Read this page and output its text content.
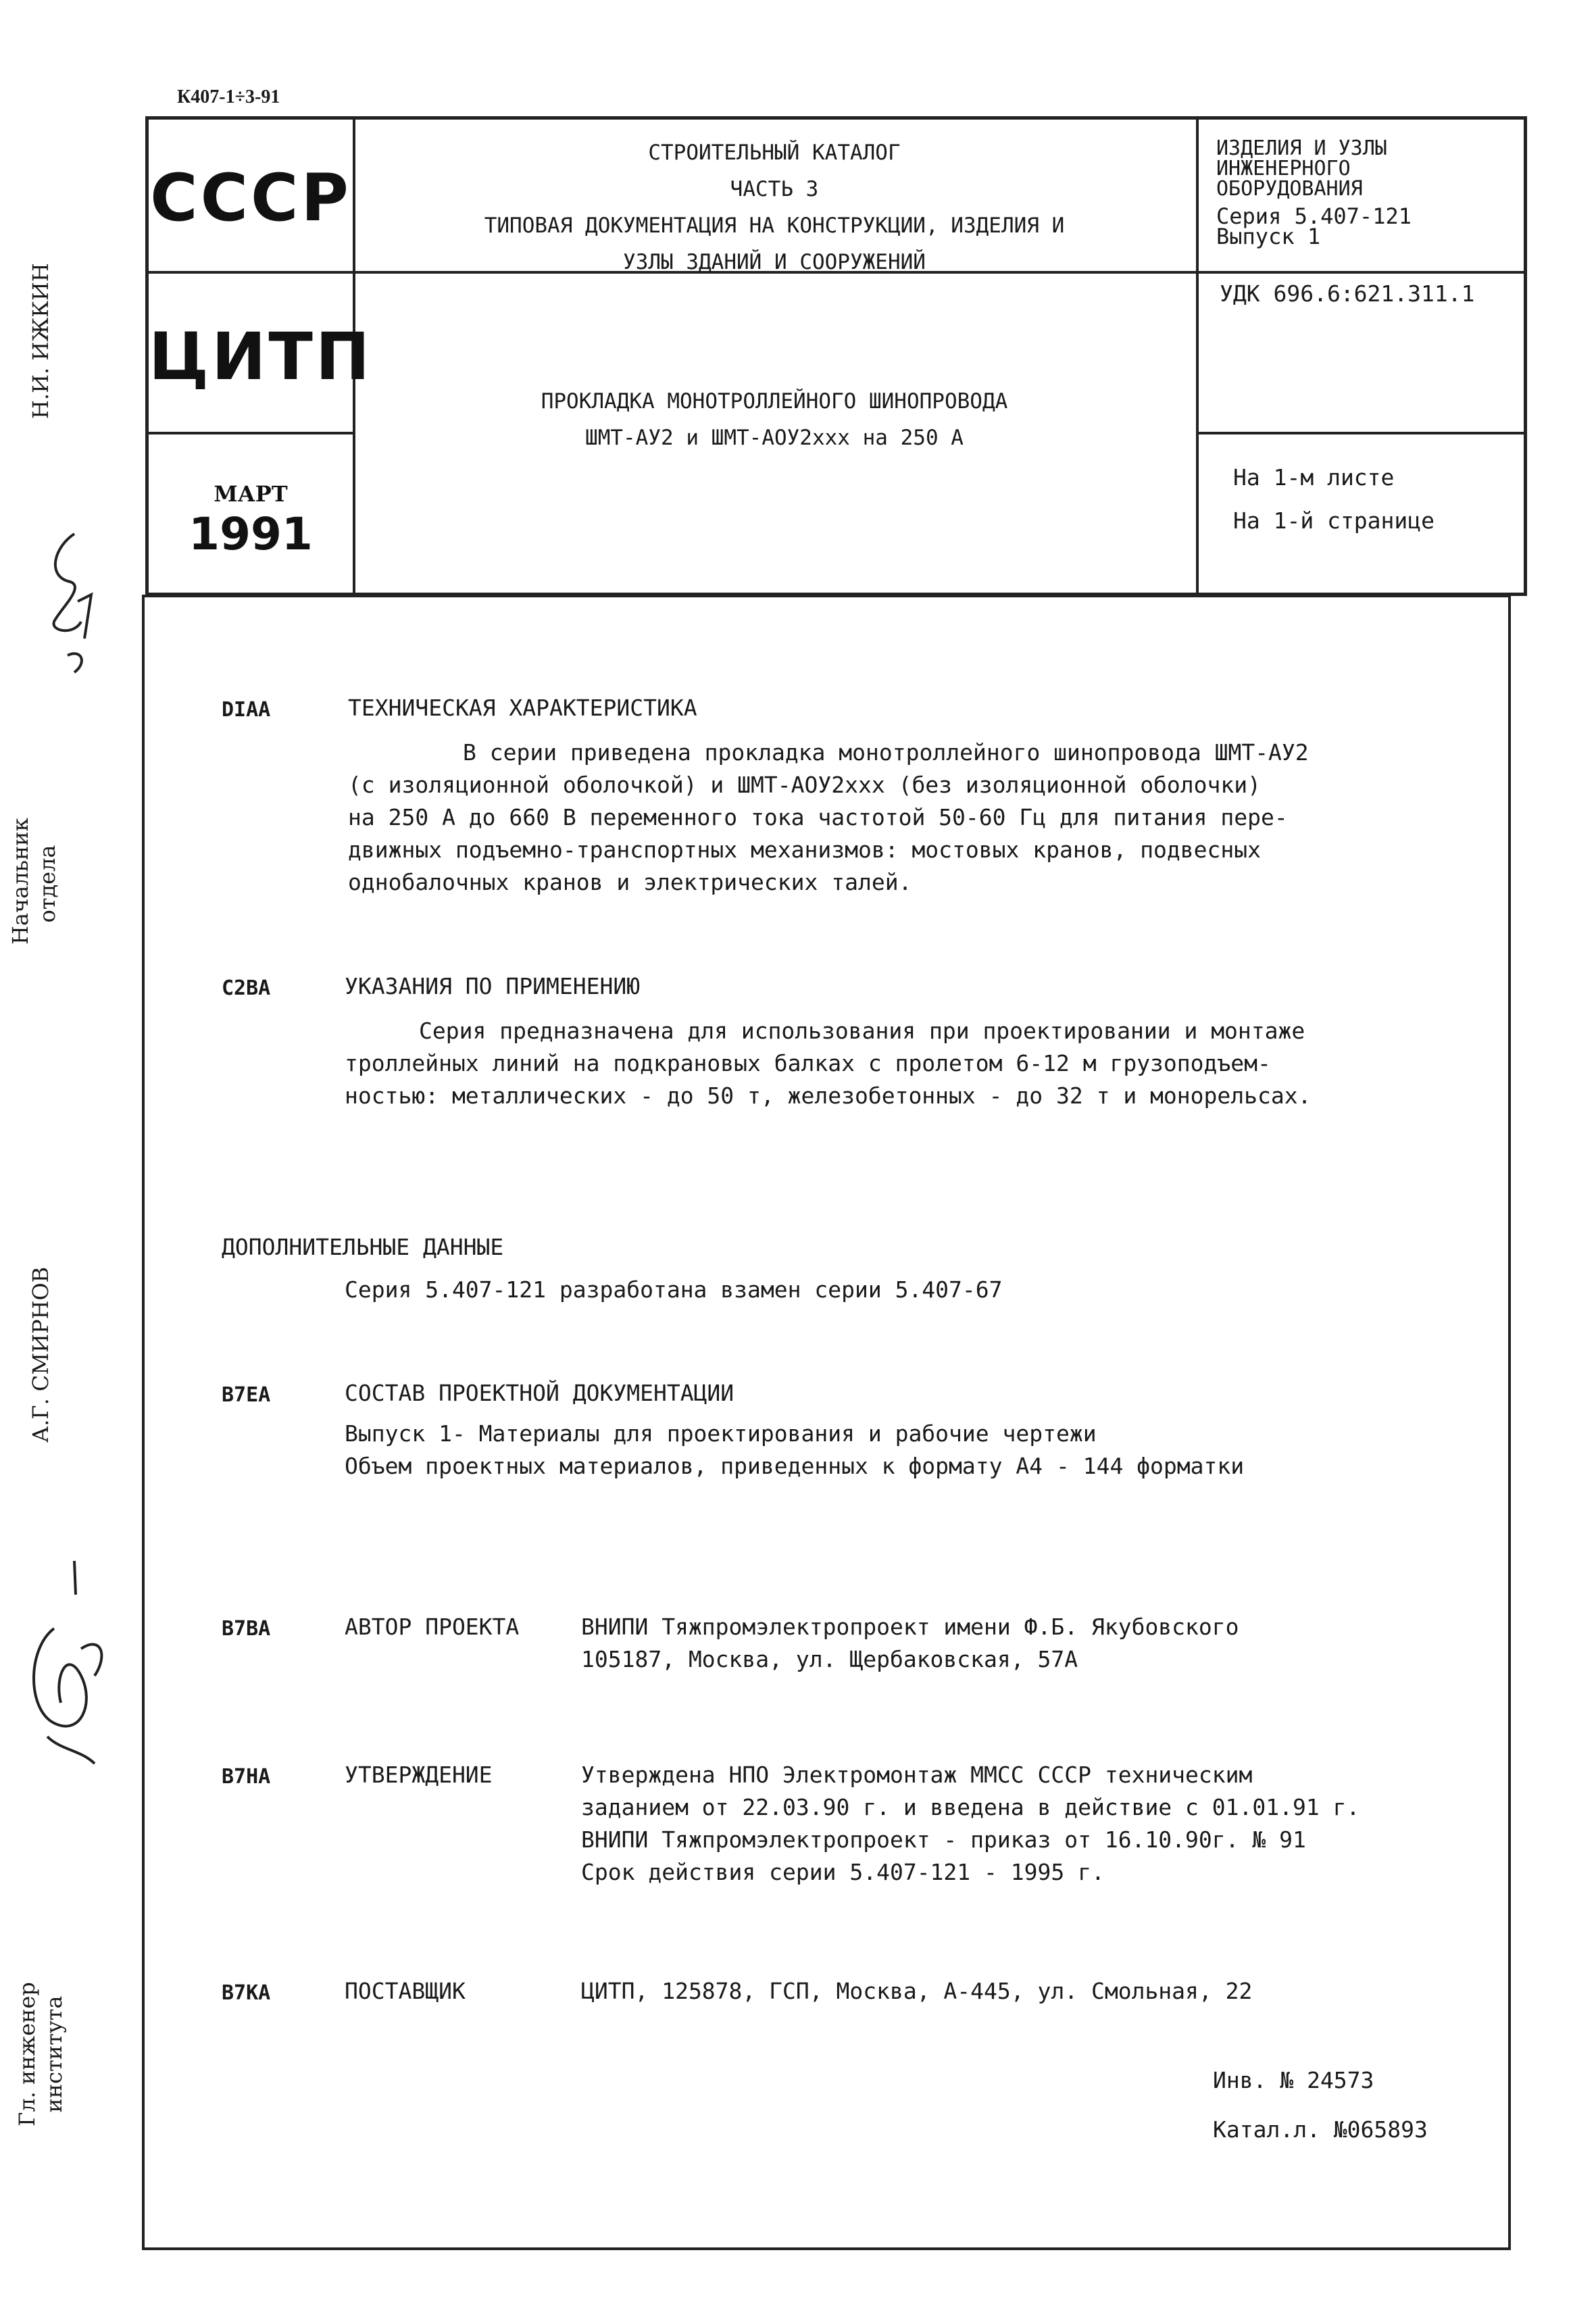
К407-1÷3-91
СССР
ЦИТП
МАРТ
1991
СТРОИТЕЛЬНЫЙ КАТАЛОГ
ЧАСТЬ 3
ТИПОВАЯ ДОКУМЕНТАЦИЯ НА КОНСТРУКЦИИ, ИЗДЕЛИЯ И
УЗЛЫ ЗДАНИЙ И СООРУЖЕНИЙ
ПРОКЛАДКА МОНОТРОЛЛЕЙНОГО ШИНОПРОВОДА
ШМТ-АУ2 и ШМТ-АОУ2ххх на 250 А
ИЗДЕЛИЯ И УЗЛЫ
ИНЖЕНЕРНОГО
ОБОРУДОВАНИЯ
Серия 5.407-121
Выпуск 1
УДК 696.6:621.311.1
На 1-м листе
На 1-й странице
Н.И. ИЖКИН
Начальник отдела
А.Г. СМИРНОВ
Гл. инженер института
DIAA	ТЕХНИЧЕСКАЯ ХАРАКТЕРИСТИКА
В серии приведена прокладка монотроллейного шинопровода ШМТ-АУ2
(с изоляционной оболочкой) и ШМТ-АОУ2ххх (без изоляционной оболочки)
на 250 А до 660 В переменного тока частотой 50-60 Гц для питания пере-
движных подъемно-транспортных механизмов: мостовых кранов, подвесных
однобалочных кранов и электрических талей.
C2BA	УКАЗАНИЯ ПО ПРИМЕНЕНИЮ
Серия предназначена для использования при проектировании и монтаже
троллейных линий на подкрановых балках с пролетом 6-12 м грузоподъем-
ностью: металлических - до 50 т, железобетонных - до 32 т и монорельсах.
ДОПОЛНИТЕЛЬНЫЕ ДАННЫЕ
Серия 5.407-121 разработана взамен серии 5.407-67
B7EA	СОСТАВ ПРОЕКТНОЙ ДОКУМЕНТАЦИИ
Выпуск 1- Материалы для проектирования и рабочие чертежи
Объем проектных материалов, приведенных к формату А4 - 144 форматки
B7BA	АВТОР ПРОЕКТА	ВНИПИ Тяжпромэлектропроект имени Ф.Б. Якубовского
105187, Москва, ул. Щербаковская, 57А
B7HA	УТВЕРЖДЕНИЕ	Утверждена НПО Электромонтаж ММСС СССР техническим
заданием от 22.03.90 г. и введена в действие с 01.01.91 г.
ВНИПИ Тяжпромэлектропроект - приказ от 16.10.90г. № 91
Срок действия серии 5.407-121 - 1995 г.
B7KA	ПОСТАВЩИК	ЦИТП, 125878, ГСП, Москва, А-445, ул. Смольная, 22
Инв. № 24573
Катал.л. №065893
